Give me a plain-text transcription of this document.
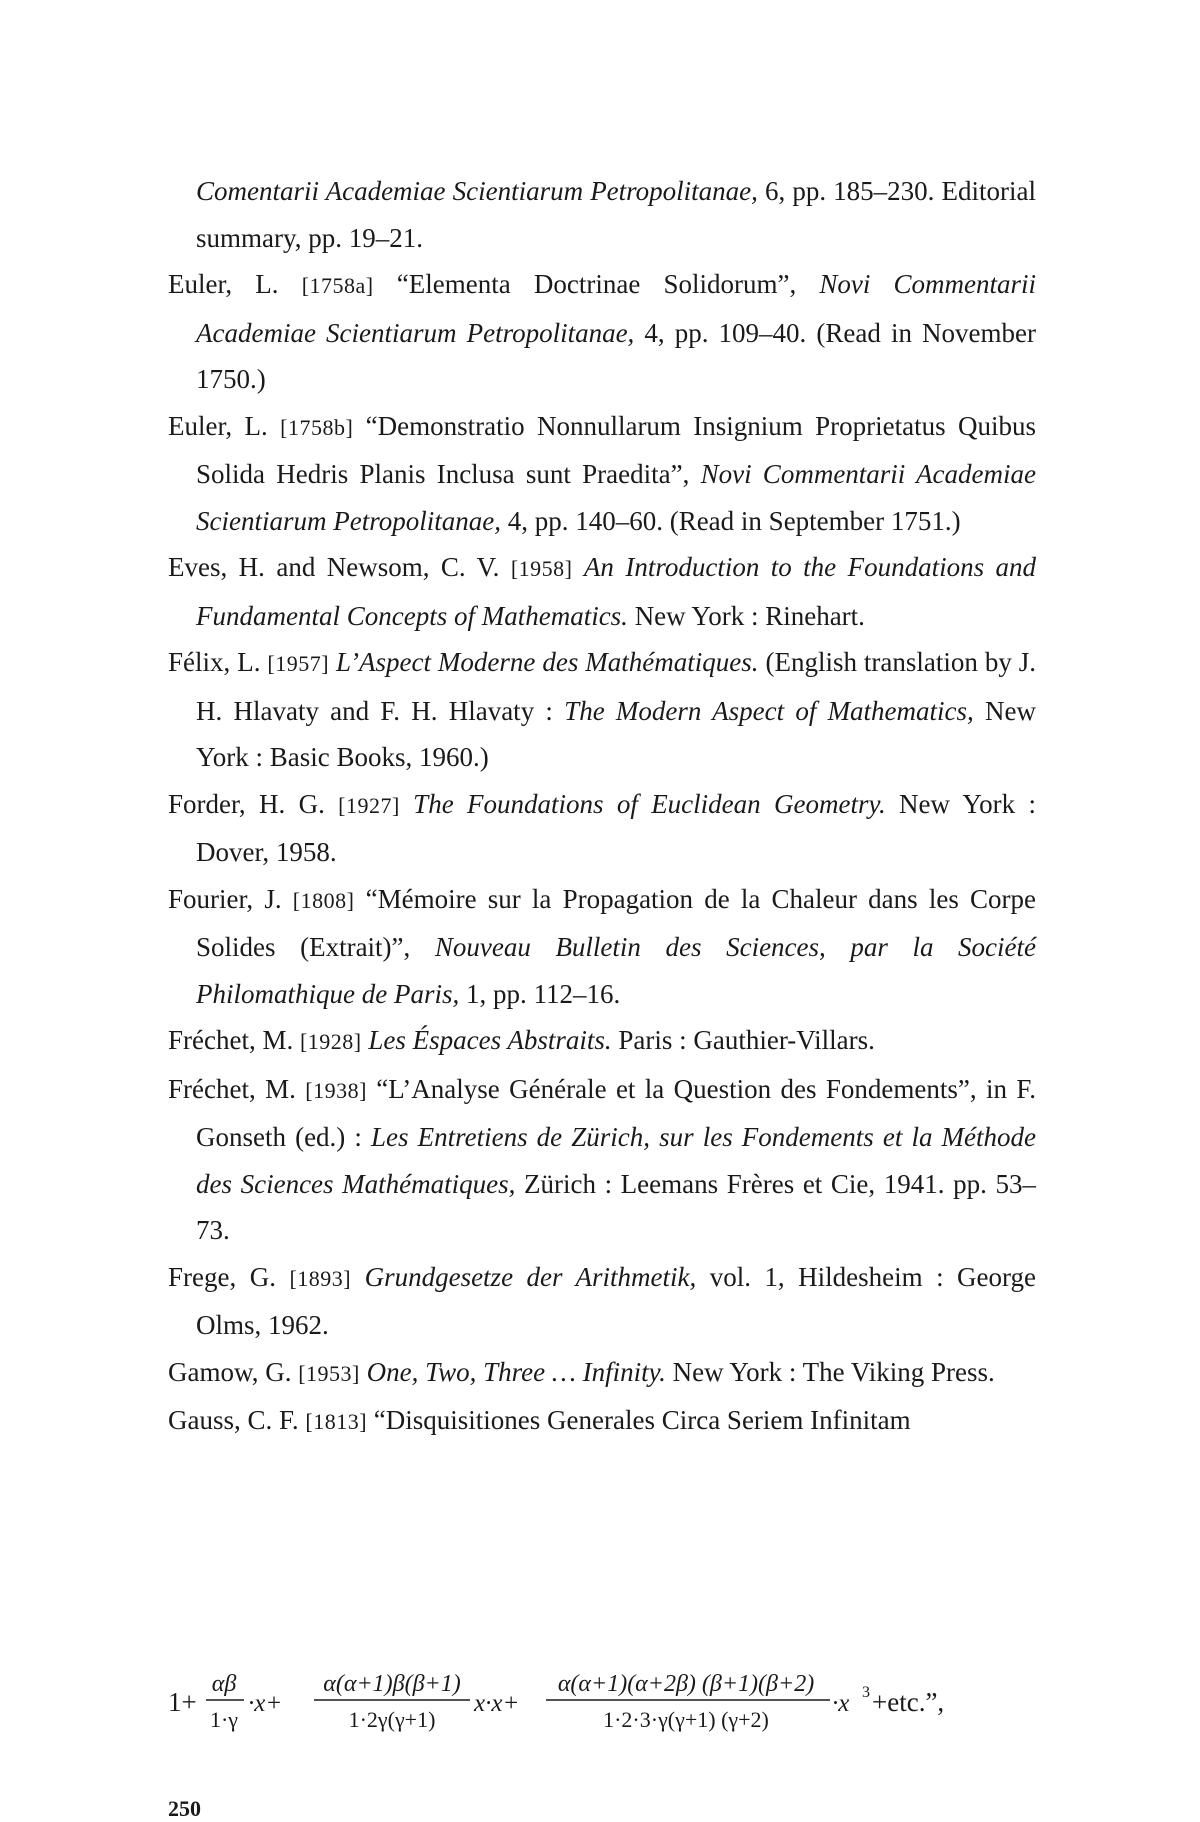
Comentarii Academiae Scientiarum Petropolitanae, 6, pp. 185–230. Editorial summary, pp. 19–21.

Euler, L. [1758a] “Elementa Doctrinae Solidorum”, Novi Commentarii Academiae Scientiarum Petropolitanae, 4, pp. 109–40. (Read in November 1750.)

Euler, L. [1758b] “Demonstratio Nonnullarum Insignium Proprietatus Quibus Solida Hedris Planis Inclusa sunt Praedita”, Novi Commentarii Academiae Scientiarum Petropolitanae, 4, pp. 140–60. (Read in September 1751.)

Eves, H. and Newsom, C. V. [1958] An Introduction to the Foundations and Fundamental Concepts of Mathematics. New York : Rinehart.

Félix, L. [1957] L’Aspect Moderne des Mathématiques. (English translation by J. H. Hlavaty and F. H. Hlavaty : The Modern Aspect of Mathematics, New York : Basic Books, 1960.)

Forder, H. G. [1927] The Foundations of Euclidean Geometry. New York : Dover, 1958.

Fourier, J. [1808] “Mémoire sur la Propagation de la Chaleur dans les Corpe Solides (Extrait)”, Nouveau Bulletin des Sciences, par la Société Philomathique de Paris, 1, pp. 112–16.

Fréchet, M. [1928] Les Éspaces Abstraits. Paris : Gauthier-Villars.

Fréchet, M. [1938] “L’Analyse Générale et la Question des Fondements”, in F. Gonseth (ed.) : Les Entretiens de Zürich, sur les Fondements et la Méthode des Sciences Mathématiques, Zürich : Leemans Frères et Cie, 1941. pp. 53–73.

Frege, G. [1893] Grundgesetze der Arithmetik, vol. 1, Hildesheim : George Olms, 1962.

Gamow, G. [1953] One, Two, Three … Infinity. New York : The Viking Press.

Gauss, C. F. [1813] “Disquisitiones Generales Circa Seriem Infinitam

1+
αβ
1·γ
·x+
α(α+1)β(β+1)
1·2γ(γ+1)
x·x+
α(α+1)(α+2β) (β+1)(β+2)
1·2·3·γ(γ+1) (γ+2)
·x 3 +etc.”,
250
